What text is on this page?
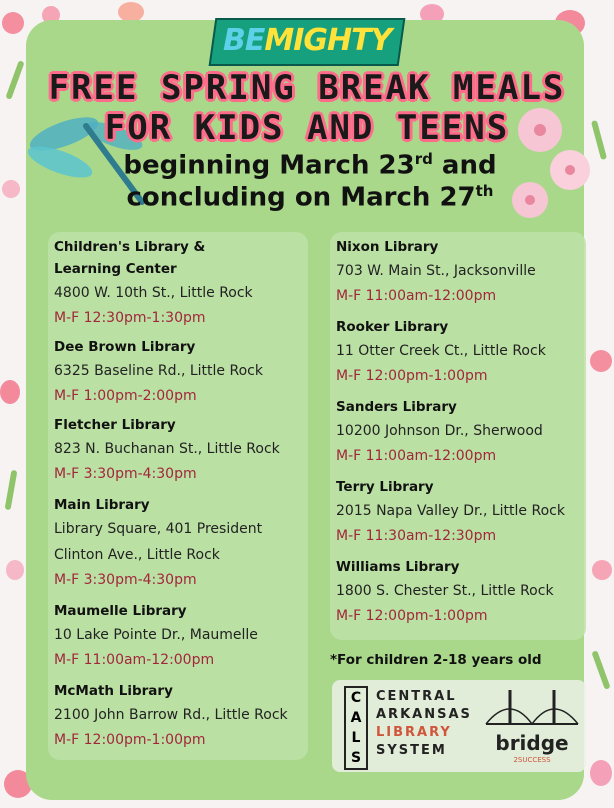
BEMIGHTY
FREE SPRING BREAK MEALS
FOR KIDS AND TEENS
beginning March 23rd and
concluding on March 27th
Children's Library &
Learning Center
4800 W. 10th St., Little Rock
M-F 12:30pm-1:30pm
Dee Brown Library
6325 Baseline Rd., Little Rock
M-F 1:00pm-2:00pm
Fletcher Library
823 N. Buchanan St., Little Rock
M-F 3:30pm-4:30pm
Main Library
Library Square, 401 President
Clinton Ave., Little Rock
M-F 3:30pm-4:30pm
Maumelle Library
10 Lake Pointe Dr., Maumelle
M-F 11:00am-12:00pm
McMath Library
2100 John Barrow Rd., Little Rock
M-F 12:00pm-1:00pm
Nixon Library
703 W. Main St., Jacksonville
M-F 11:00am-12:00pm
Rooker Library
11 Otter Creek Ct., Little Rock
M-F 12:00pm-1:00pm
Sanders Library
10200 Johnson Dr., Sherwood
M-F 11:00am-12:00pm
Terry Library
2015 Napa Valley Dr., Little Rock
M-F 11:30am-12:30pm
Williams Library
1800 S. Chester St., Little Rock
M-F 12:00pm-1:00pm
*For children 2-18 years old
C
A
L
S
CENTRAL
ARKANSAS
LIBRARY
SYSTEM	bridge
2SUCCESS
